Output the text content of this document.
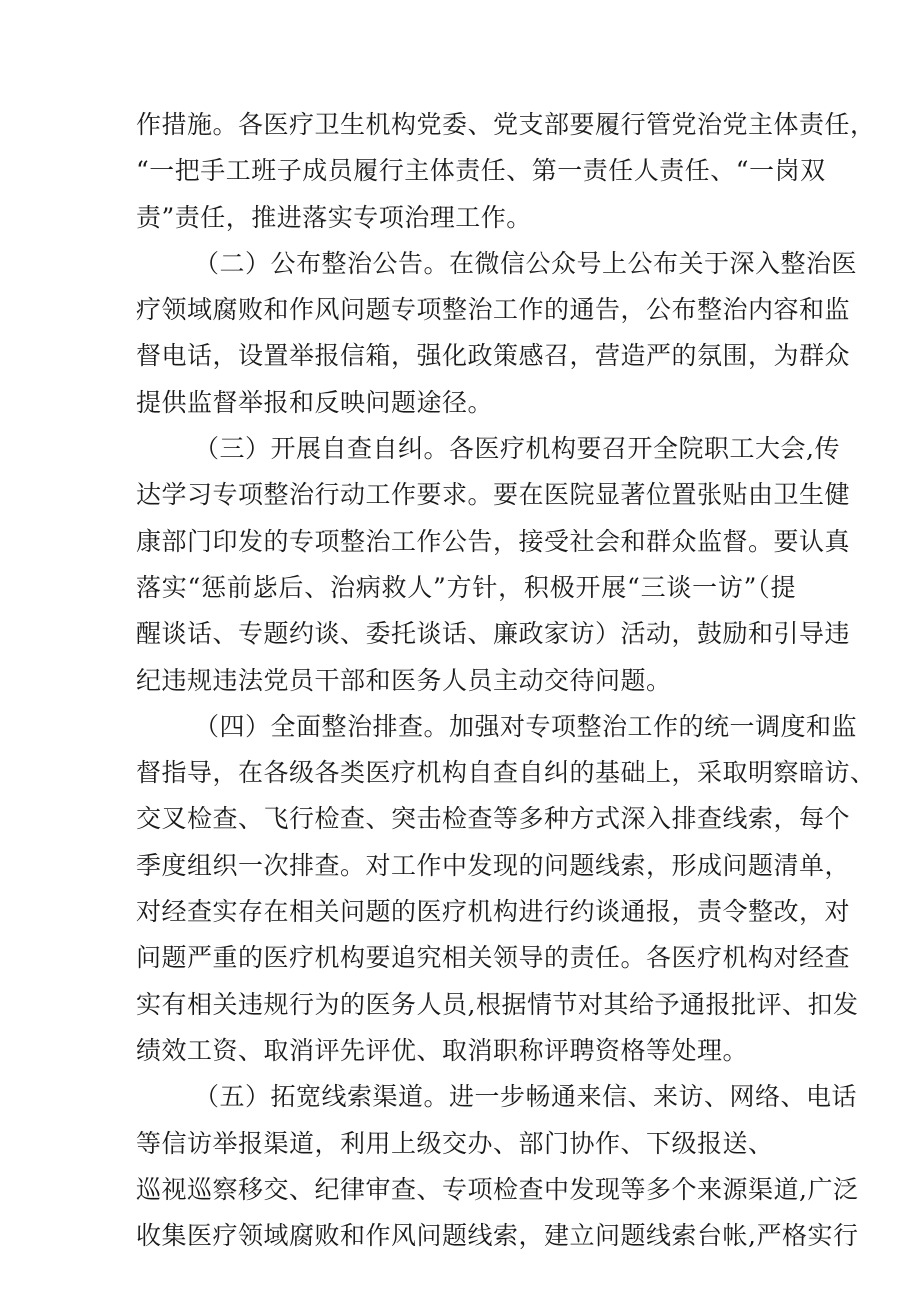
作措施。各医疗卫生机构党委、党支部要履行管党治党主体责任，
“一把手工班子成员履行主体责任、第一责任人责任、“一岗双
责”责任，推进落实专项治理工作。
（二）公布整治公告。在微信公众号上公布关于深入整治医
疗领域腐败和作风问题专项整治工作的通告，公布整治内容和监
督电话，设置举报信箱，强化政策感召，营造严的氛围，为群众
提供监督举报和反映问题途径。
（三）开展自查自纠。各医疗机构要召开全院职工大会,传
达学习专项整治行动工作要求。要在医院显著位置张贴由卫生健
康部门印发的专项整治工作公告，接受社会和群众监督。要认真
落实“惩前毖后、治病救人”方针，积极开展“三谈一访”（提
醒谈话、专题约谈、委托谈话、廉政家访）活动，鼓励和引导违
纪违规违法党员干部和医务人员主动交待问题。
（四）全面整治排查。加强对专项整治工作的统一调度和监
督指导，在各级各类医疗机构自查自纠的基础上，采取明察暗访、
交叉检查、飞行检查、突击检查等多种方式深入排查线索，每个
季度组织一次排查。对工作中发现的问题线索，形成问题清单，
对经查实存在相关问题的医疗机构进行约谈通报，责令整改，对
问题严重的医疗机构要追究相关领导的责任。各医疗机构对经查
实有相关违规行为的医务人员,根据情节对其给予通报批评、扣发
绩效工资、取消评先评优、取消职称评聘资格等处理。
（五）拓宽线索渠道。进一步畅通来信、来访、网络、电话
等信访举报渠道，利用上级交办、部门协作、下级报送、
巡视巡察移交、纪律审查、专项检查中发现等多个来源渠道,广泛
收集医疗领域腐败和作风问题线索，建立问题线索台帐,严格实行
